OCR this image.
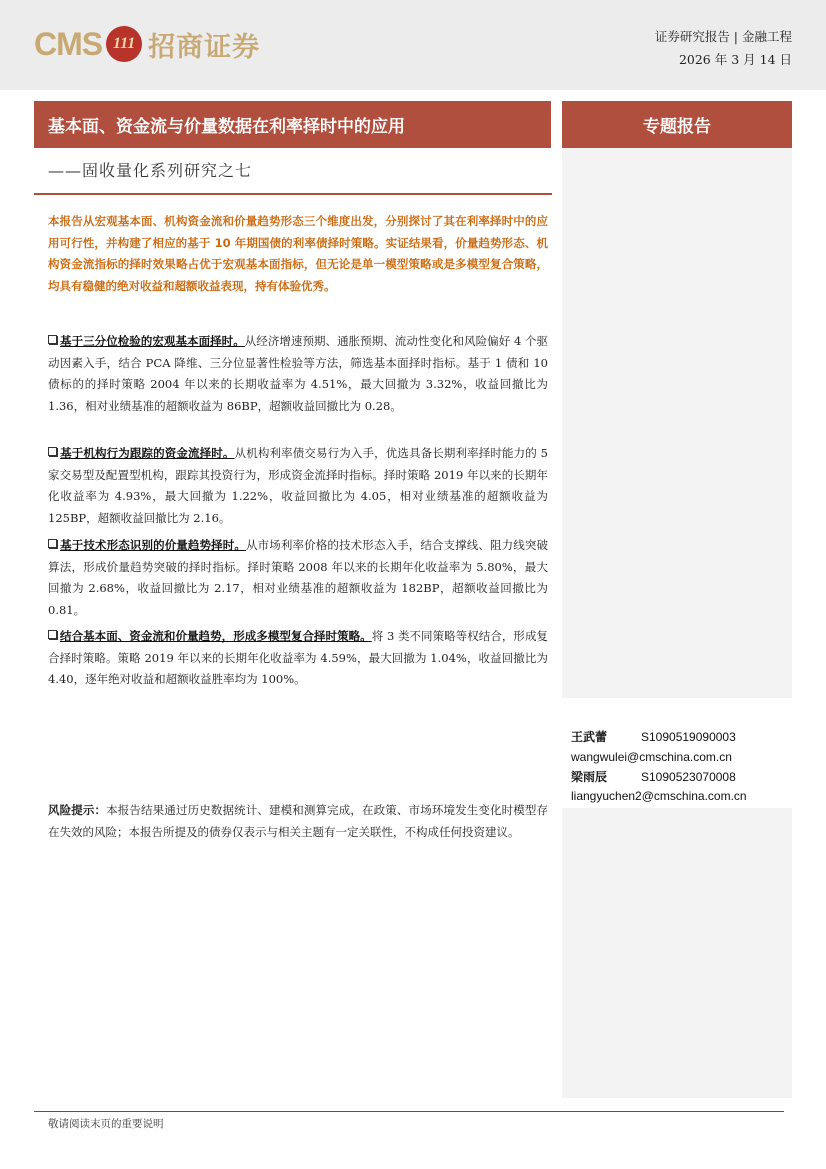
CMS 111 招商证券	证券研究报告 | 金融工程
2026 年 3 月 14 日
基本面、资金流与价量数据在利率择时中的应用	专题报告
——固收量化系列研究之七
本报告从宏观基本面、机构资金流和价量趋势形态三个维度出发，分别探讨了其在利率择时中的应用可行性，并构建了相应的基于 10 年期国债的利率债择时策略。实证结果看，价量趋势形态、机构资金流指标的择时效果略占优于宏观基本面指标，但无论是单一模型策略或是多模型复合策略，均具有稳健的绝对收益和超额收益表现，持有体验优秀。
基于三分位检验的宏观基本面择时。从经济增速预期、通胀预期、流动性变化和风险偏好 4 个驱动因素入手，结合 PCA 降维、三分位显著性检验等方法，筛选基本面择时指标。基于 1 债和 10 债标的的择时策略 2004 年以来的长期收益率为 4.51%，最大回撤为 3.32%，收益回撤比为 1.36，相对业绩基准的超额收益为 86BP，超额收益回撤比为 0.28。
基于机构行为跟踪的资金流择时。从机构利率债交易行为入手，优选具备长期利率择时能力的 5 家交易型及配置型机构，跟踪其投资行为，形成资金流择时指标。择时策略 2019 年以来的长期年化收益率为 4.93%，最大回撤为 1.22%，收益回撤比为 4.05，相对业绩基准的超额收益为 125BP，超额收益回撤比为 2.16。
基于技术形态识别的价量趋势择时。从市场利率价格的技术形态入手，结合支撑线、阻力线突破算法，形成价量趋势突破的择时指标。择时策略 2008 年以来的长期年化收益率为 5.80%，最大回撤为 2.68%，收益回撤比为 2.17，相对业绩基准的超额收益为 182BP，超额收益回撤比为 0.81。
结合基本面、资金流和价量趋势，形成多模型复合择时策略。将 3 类不同策略等权结合，形成复合择时策略。策略 2019 年以来的长期年化收益率为 4.59%，最大回撤为 1.04%，收益回撤比为 4.40，逐年绝对收益和超额收益胜率均为 100%。
王武蕾	S1090519090003
wangwulei@cmschina.com.cn
梁雨辰	S1090523070008
liangyuchen2@cmschina.com.cn
风险提示：本报告结果通过历史数据统计、建模和测算完成，在政策、市场环境发生变化时模型存在失效的风险；本报告所提及的债券仅表示与相关主题有一定关联性，不构成任何投资建议。
敬请阅读末页的重要说明
